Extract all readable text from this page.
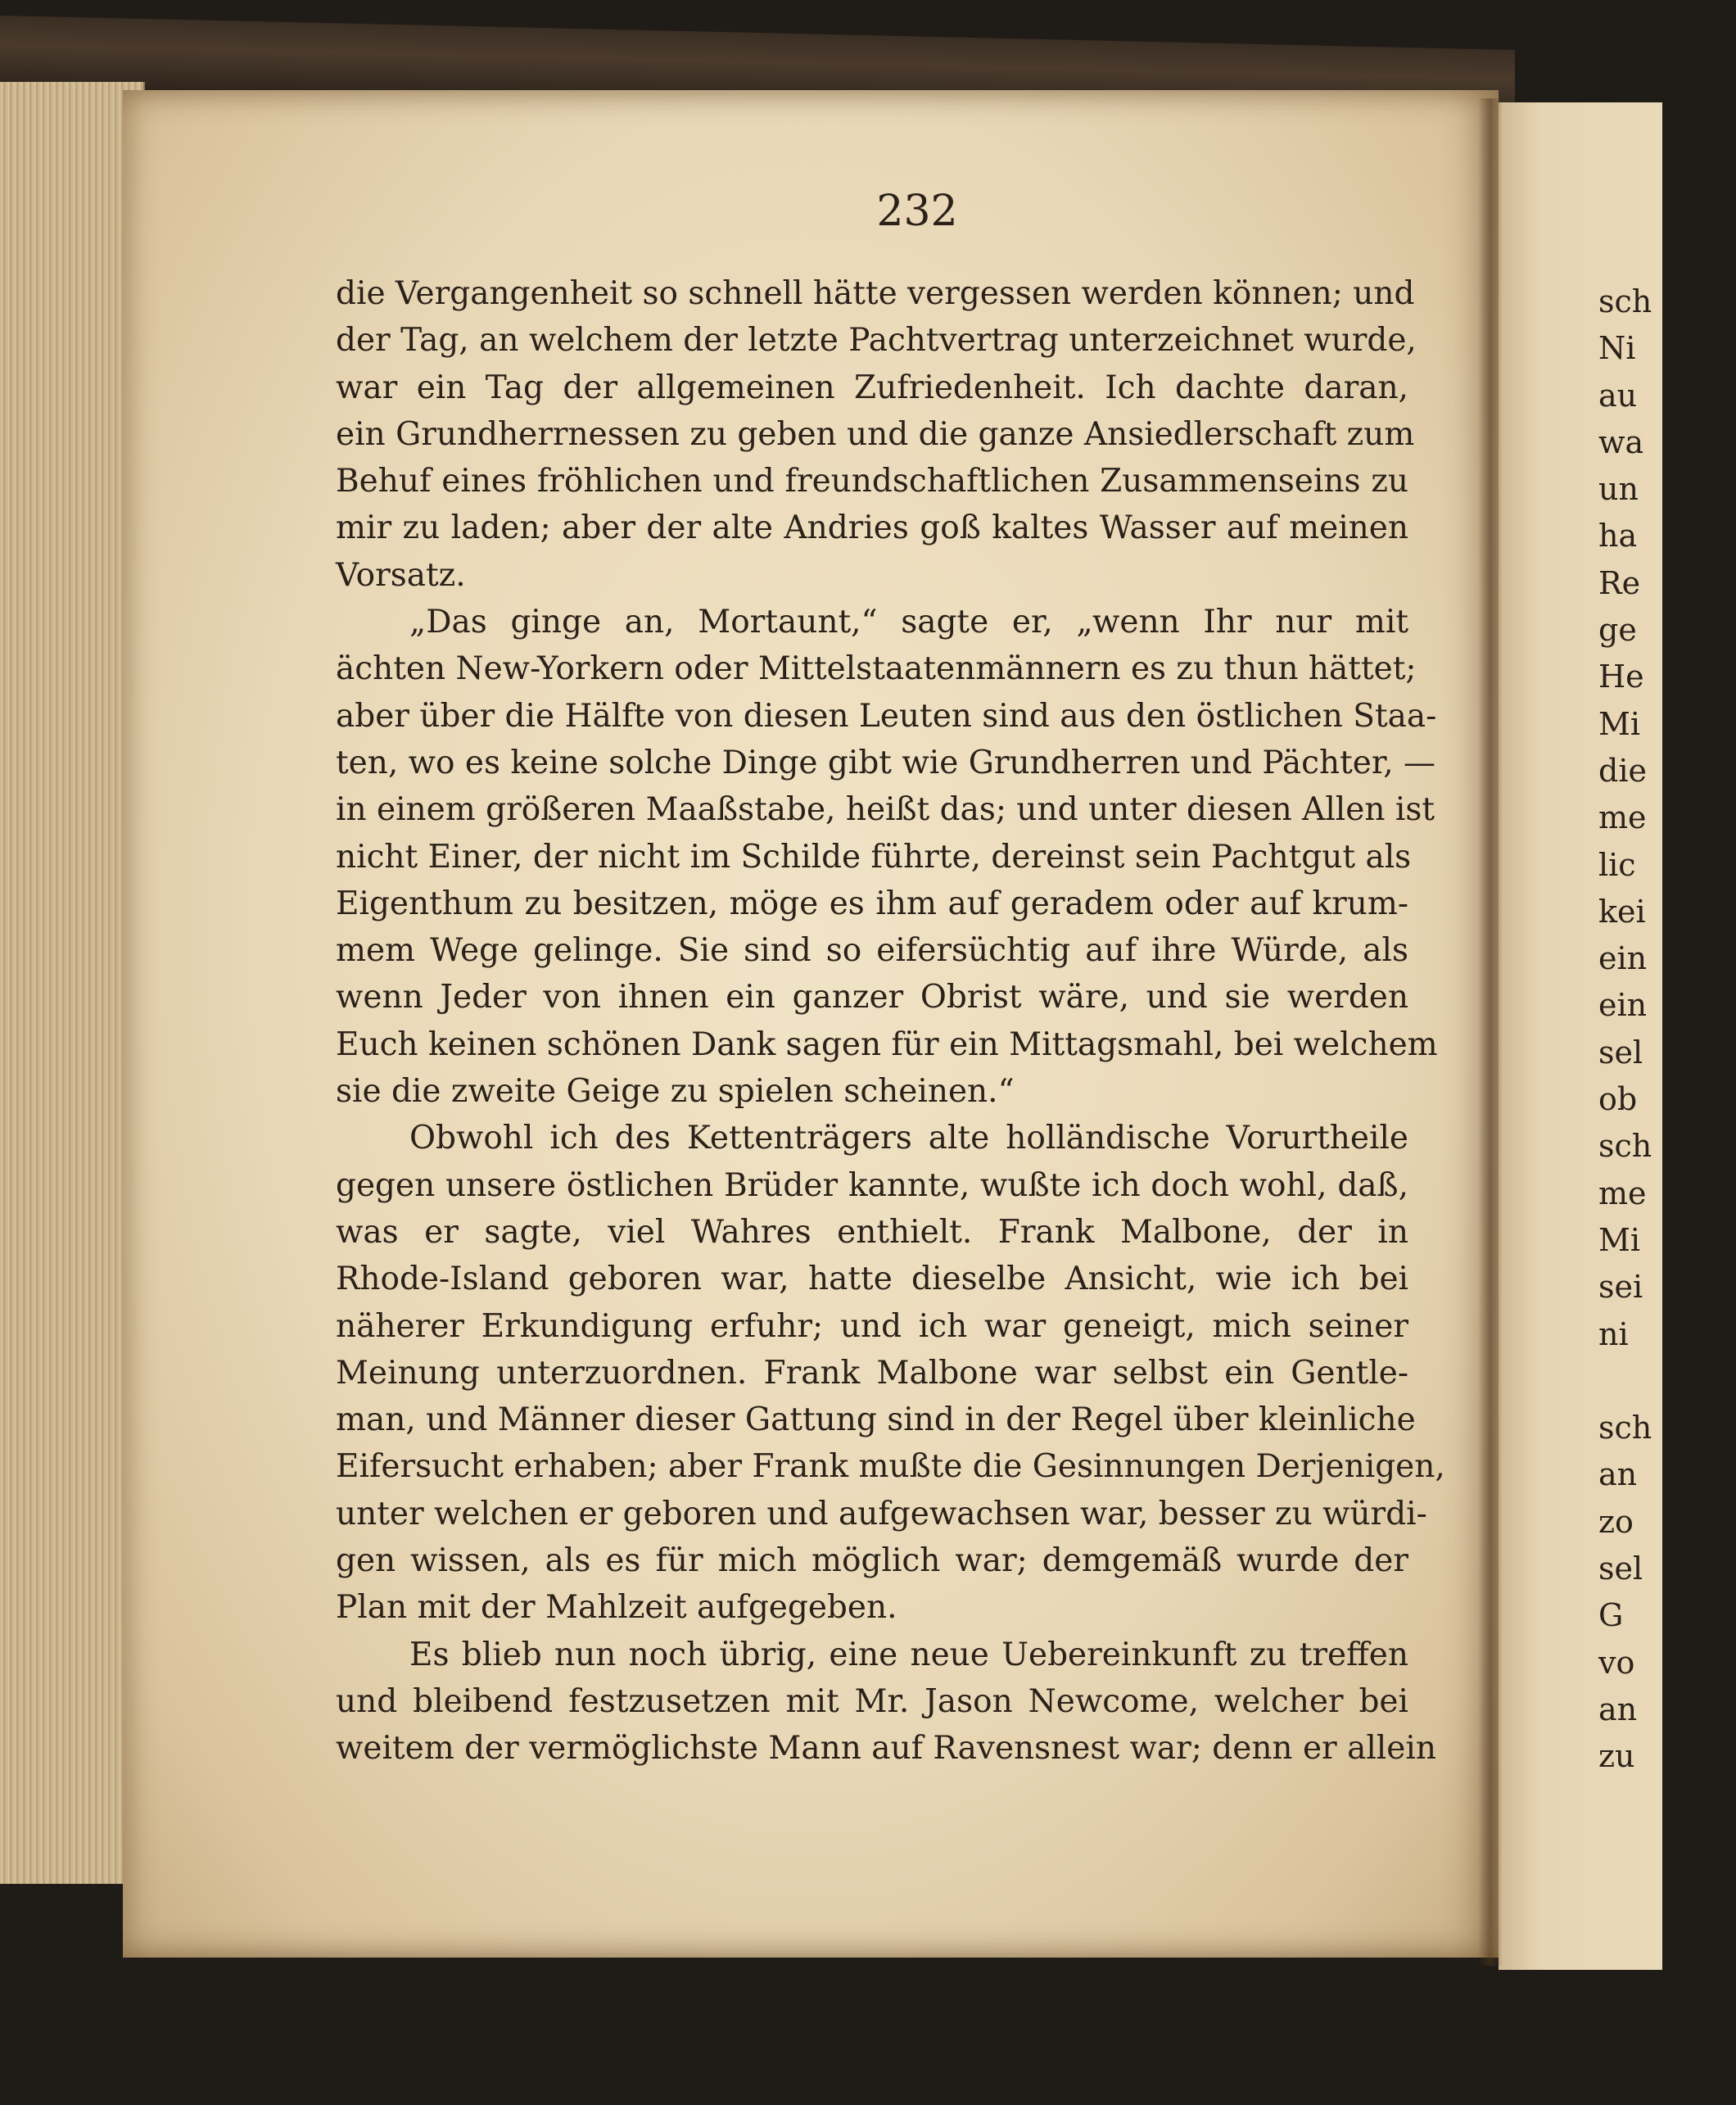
232
die Vergangenheit so schnell hätte vergessen werden können; und
der Tag, an welchem der letzte Pachtvertrag unterzeichnet wurde,
war ein Tag der allgemeinen Zufriedenheit. Ich dachte daran,
ein Grundherrnessen zu geben und die ganze Ansiedlerschaft zum
Behuf eines fröhlichen und freundschaftlichen Zusammenseins zu
mir zu laden; aber der alte Andries goß kaltes Wasser auf meinen
Vorsatz.
„Das ginge an, Mortaunt,“ sagte er, „wenn Ihr nur mit
ächten New-Yorkern oder Mittelstaatenmännern es zu thun hättet;
aber über die Hälfte von diesen Leuten sind aus den östlichen Staa-
ten, wo es keine solche Dinge gibt wie Grundherren und Pächter, —
in einem größeren Maaßstabe, heißt das; und unter diesen Allen ist
nicht Einer, der nicht im Schilde führte, dereinst sein Pachtgut als
Eigenthum zu besitzen, möge es ihm auf geradem oder auf krum-
mem Wege gelinge. Sie sind so eifersüchtig auf ihre Würde, als
wenn Jeder von ihnen ein ganzer Obrist wäre, und sie werden
Euch keinen schönen Dank sagen für ein Mittagsmahl, bei welchem
sie die zweite Geige zu spielen scheinen.“
Obwohl ich des Kettenträgers alte holländische Vorurtheile
gegen unsere östlichen Brüder kannte, wußte ich doch wohl, daß,
was er sagte, viel Wahres enthielt. Frank Malbone, der in
Rhode-Island geboren war, hatte dieselbe Ansicht, wie ich bei
näherer Erkundigung erfuhr; und ich war geneigt, mich seiner
Meinung unterzuordnen. Frank Malbone war selbst ein Gentle-
man, und Männer dieser Gattung sind in der Regel über kleinliche
Eifersucht erhaben; aber Frank mußte die Gesinnungen Derjenigen,
unter welchen er geboren und aufgewachsen war, besser zu würdi-
gen wissen, als es für mich möglich war; demgemäß wurde der
Plan mit der Mahlzeit aufgegeben.
Es blieb nun noch übrig, eine neue Uebereinkunft zu treffen
und bleibend festzusetzen mit Mr. Jason Newcome, welcher bei
weitem der vermöglichste Mann auf Ravensnest war; denn er allein
sch
Ni
au
wa
un
ha
Re
ge
He
Mi
die
me
lic
kei
ein
ein
sel
ob
sch
me
Mi
sei
ni
sch
an
zo
sel
G
vo
an
zu
